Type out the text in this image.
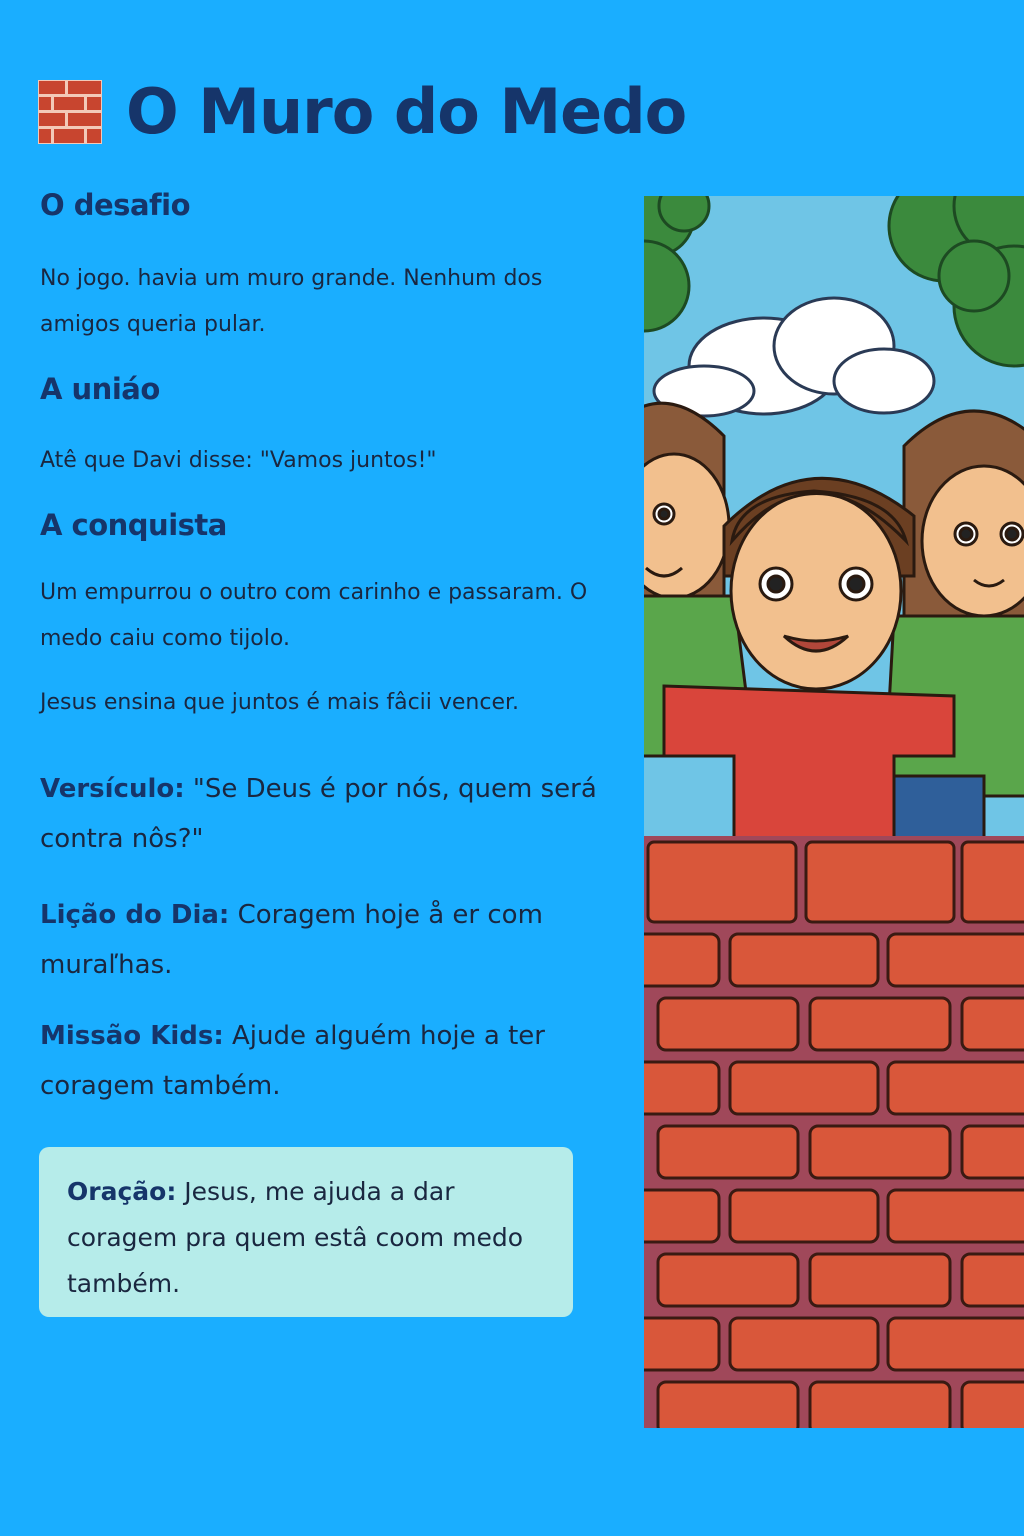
O Muro do Medo
O desafio

No jogo. havia um muro grande. Nenhum dos amigos queria pular.

A uniáo

Atê que Davi disse: "Vamos juntos!"

A conquista

Um empurrou o outro com carinho e passaram. O medo caiu como tijolo.

Jesus ensina que juntos é mais fâcii vencer.

Versículo: "Se Deus é por nós, quem será contra nôs?"

Lição do Dia: Coragem hoje å er com muraľhas.

Missão Kids: Ajude alguém hoje a ter coragem também.

Oração: Jesus, me ajuda a dar coragem pra quem estâ coom medo também.
